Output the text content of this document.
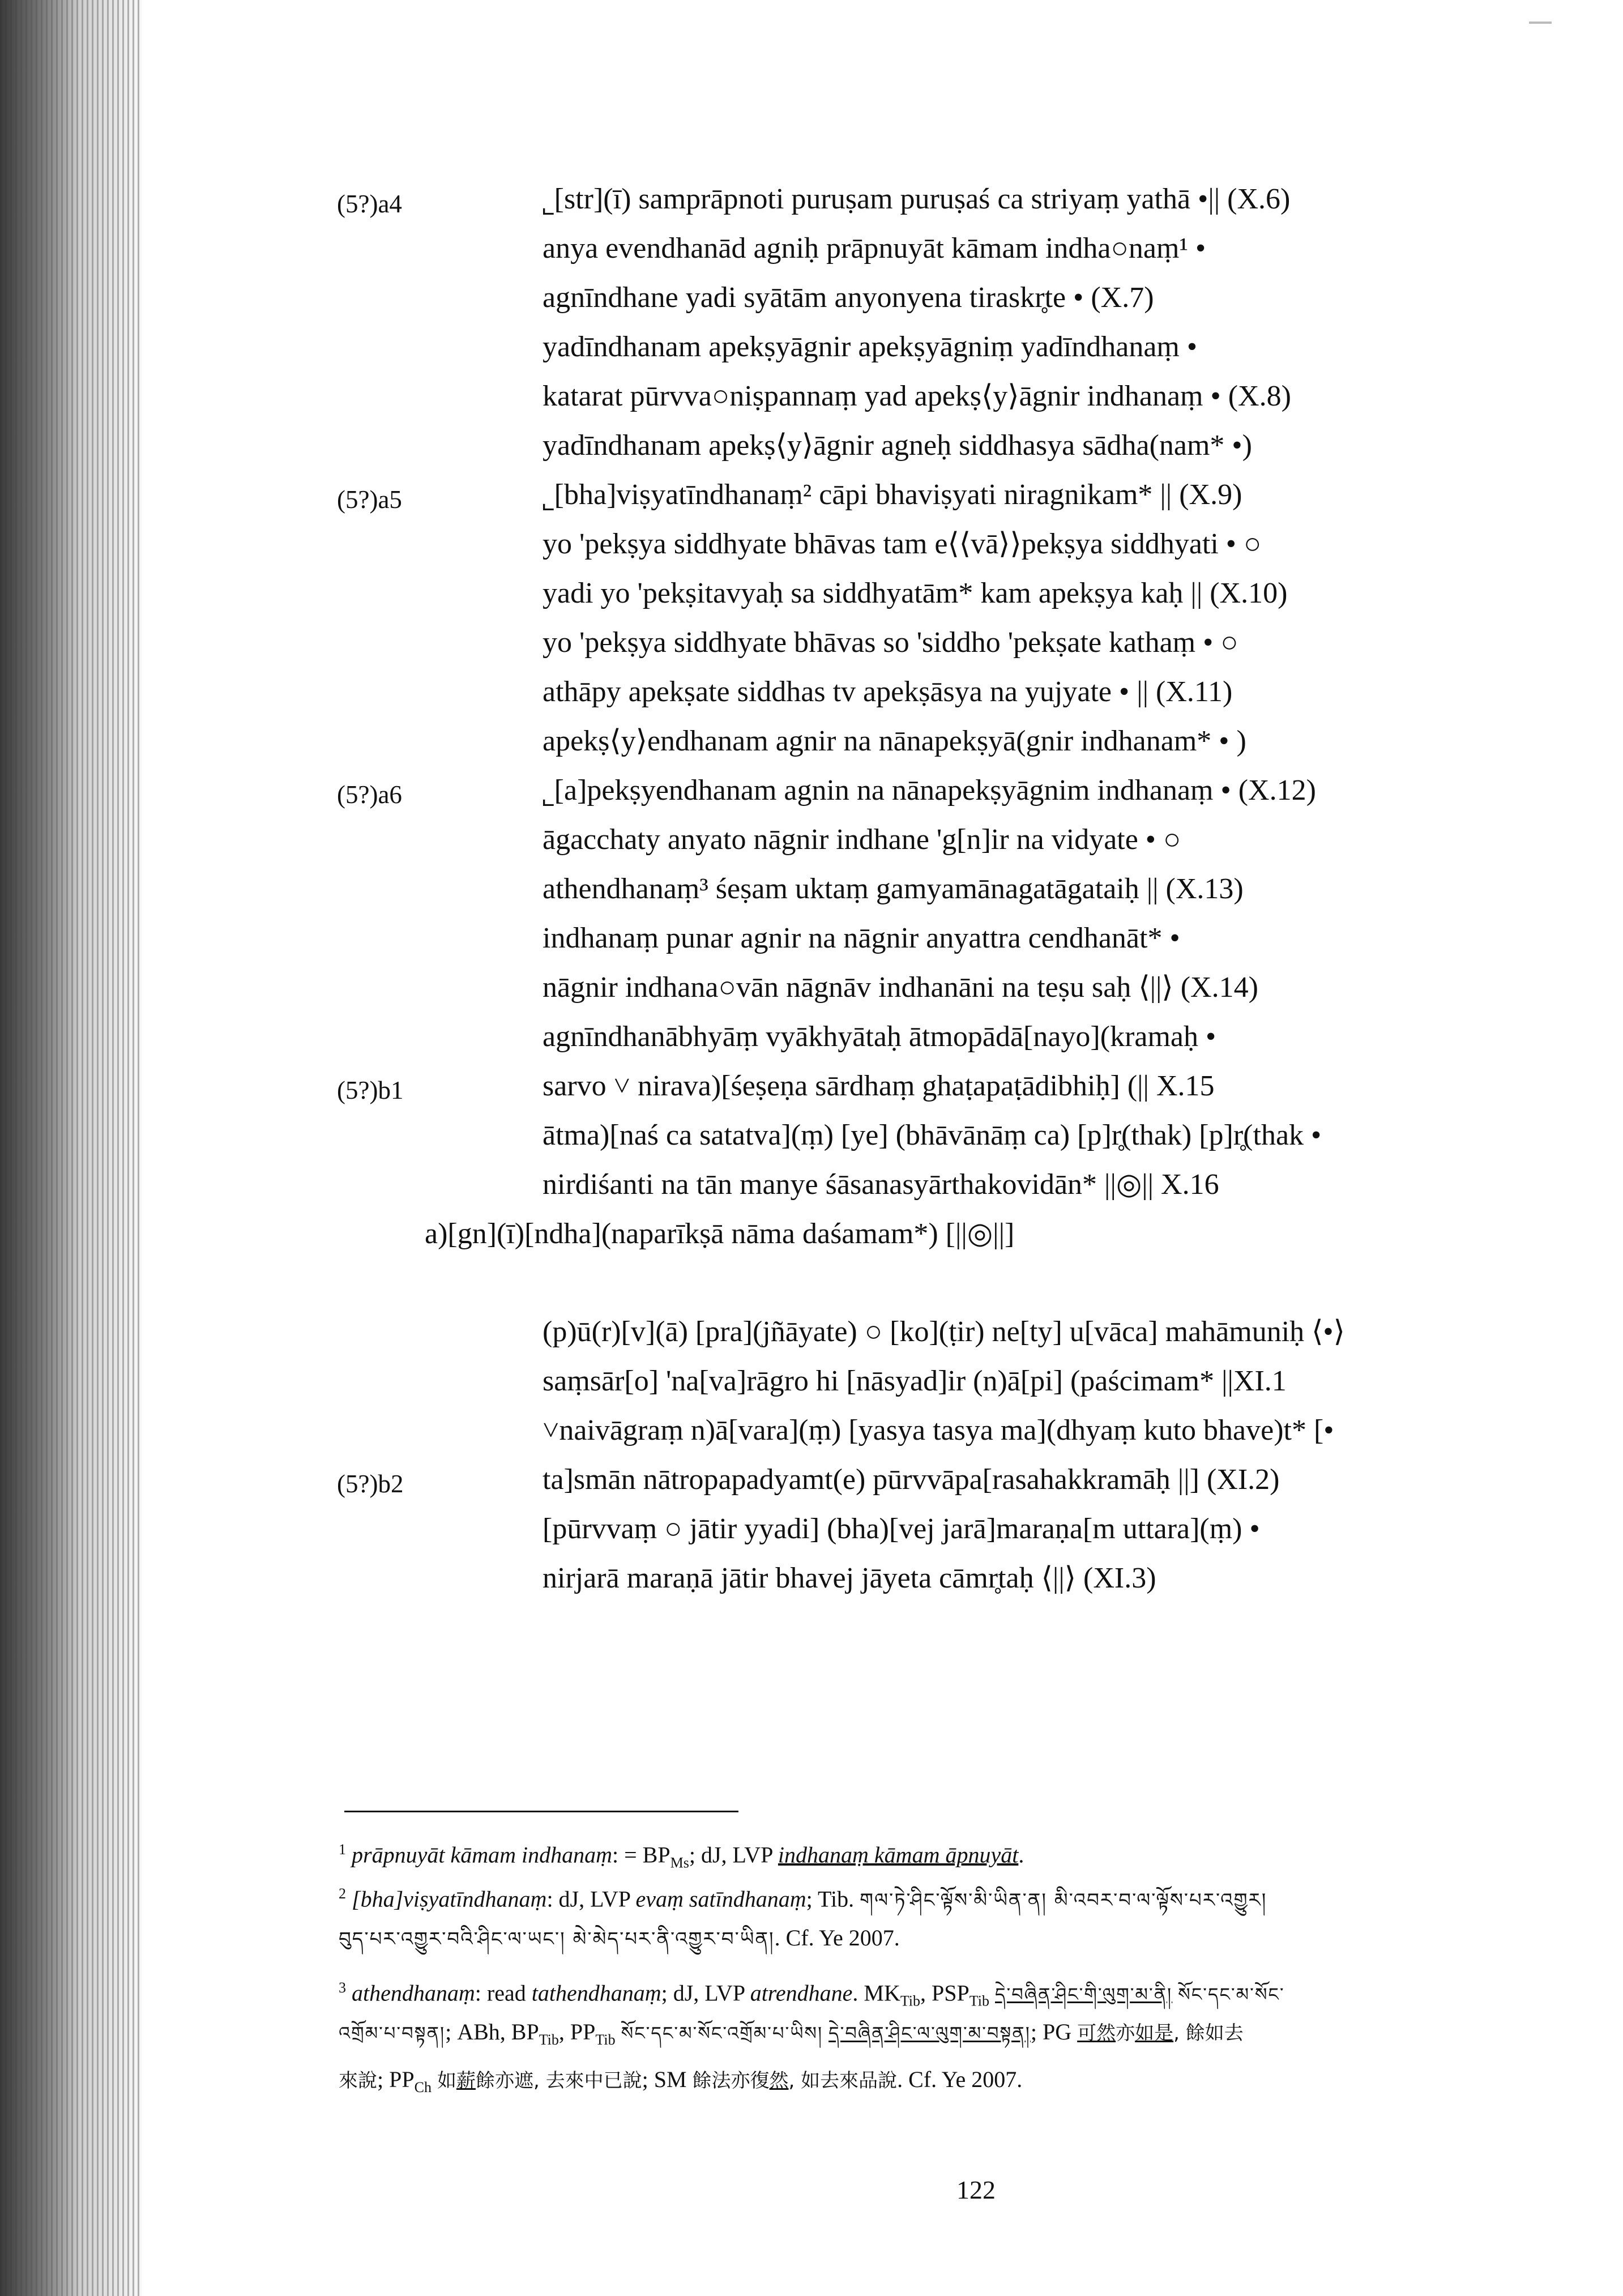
(5?)a4
(5?)a5
(5?)a6
(5?)b1
(5?)b2
˾[str](ī) samprāpnoti puruṣam puruṣaś ca striyaṃ yathā •|| (X.6)
anya evendhanād agniḥ prāpnuyāt kāmam indha○naṃ¹ •
agnīndhane yadi syātām anyonyena tiraskr̥te • (X.7)
yadīndhanam apekṣyāgnir apekṣyāgniṃ yadīndhanaṃ •
katarat pūrvva○niṣpannaṃ yad apekṣ⟨y⟩āgnir indhanaṃ • (X.8)
yadīndhanam apekṣ⟨y⟩āgnir agneḥ siddhasya sādha(nam* •)
˾[bha]viṣyatīndhanaṃ² cāpi bhaviṣyati niragnikam* || (X.9)
yo 'pekṣya siddhyate bhāvas tam e⟨⟨vā⟩⟩pekṣya siddhyati • ○
yadi yo 'pekṣitavyaḥ sa siddhyatām* kam apekṣya kaḥ || (X.10)
yo 'pekṣya siddhyate bhāvas so 'siddho 'pekṣate kathaṃ • ○
athāpy apekṣate siddhas tv apekṣāsya na yujyate • || (X.11)
apekṣ⟨y⟩endhanam agnir na nānapekṣyā(gnir indhanam* • )
˾[a]pekṣyendhanam agnin na nānapekṣyāgnim indhanaṃ • (X.12)
āgacchaty anyato nāgnir indhane 'g[n]ir na vidyate • ○
athendhanaṃ³ śeṣam uktaṃ gamyamānagatāgataiḥ || (X.13)
indhanaṃ punar agnir na nāgnir anyattra cendhanāt* •
nāgnir indhana○vān nāgnāv indhanāni na teṣu saḥ ⟨||⟩ (X.14)
agnīndhanābhyāṃ vyākhyātaḥ ātmopādā[nayo](kramaḥ •
sarvo ˅ nirava)[śeṣeṇa sārdhaṃ ghaṭapaṭādibhiḥ] (|| X.15
ātma)[naś ca satatva](ṃ) [ye] (bhāvānāṃ ca) [p]r̥(thak) [p]r̥(thak •
nirdiśanti na tān manye śāsanasyārthakovidān* ||◎|| X.16
a)[gn](ī)[ndha](naparīkṣā nāma daśamam*) [||◎||]
(p)ū(r)[v](ā) [pra](jñāyate) ○ [ko](ṭir) ne[ty] u[vāca] mahāmuniḥ ⟨•⟩
saṃsār[o] 'na[va]rāgro hi [nāsyad]ir (n)ā[pi] (paścimam* ||XI.1
˅naivāgraṃ n)ā[vara](ṃ) [yasya tasya ma](dhyaṃ kuto bhave)t* [•
ta]smān nātropapadyamt(e) pūrvvāpa[rasahakkramāḥ ||] (XI.2)
[pūrvvaṃ ○ jātir yyadi] (bha)[vej jarā]maraṇa[m uttara](ṃ) •
nirjarā maraṇā jātir bhavej jāyeta cāmr̥taḥ ⟨||⟩ (XI.3)
$^1$ prāpnuyāt kāmam indhanaṃ: = $BP_{Ms}$; dJ, LVP indhanaṃ kāmam āpnuyāt.
$^2$ [bha]viṣyatīndhanaṃ: dJ, LVP evaṃ satīndhanaṃ; Tib. གལ་ཏེ་ཤིང་ལྟོས་མི་ཡིན་ན། མི་འབར་བ་ལ་ལྟོས་པར་འགྱུར།
བུད་པར་འགྱུར་བའི་ཤིང་ལ་ཡང་། མེ་མེད་པར་ནི་འགྱུར་བ་ཡིན།. Cf. Ye 2007.
$^3$ athendhanaṃ: read tathendhanaṃ; dJ, LVP atrendhane. $MK_{Tib}$, $PSP_{Tib}$ དེ་བཞིན་ཤིང་གི་ལུག་མ་ནི། སོང་དང་མ་སོང་
འགྲོམ་པ་བསྟན།; ABh, $BP_{Tib}$, $PP_{Tib}$ སོང་དང་མ་སོང་འགྲོམ་པ་ཡིས། དེ་བཞིན་ཤིང་ལ་ལུག་མ་བསྟན།; PG 可然亦如是, 餘如去
來說; $PP_{Ch}$ 如薪餘亦遮, 去來中已說; SM 餘法亦復然, 如去來品說. Cf. Ye 2007.
122
